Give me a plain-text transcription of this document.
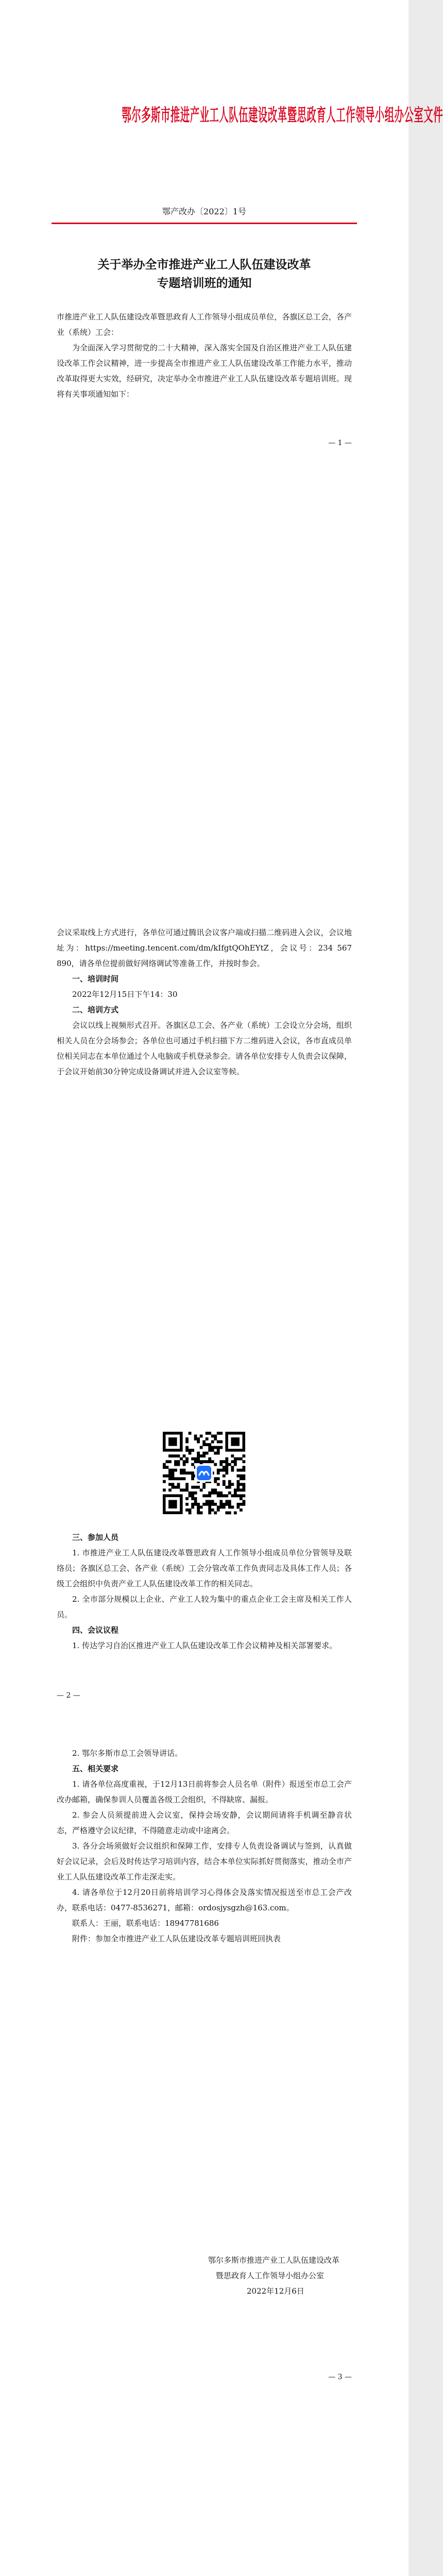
鄂尔多斯市推进产业工人队伍建设改革暨思政育人工作领导小组办公室文件
鄂产改办〔2022〕1号
关于举办全市推进产业工人队伍建设改革
专题培训班的通知

市推进产业工人队伍建设改革暨思政育人工作领导小组成员单位，各旗区总工会，各产业（系统）工会：

为全面深入学习贯彻党的二十大精神，深入落实全国及自治区推进产业工人队伍建设改革工作会议精神，进一步提高全市推进产业工人队伍建设改革工作能力水平，推动改革取得更大实效，经研究，决定举办全市推进产业工人队伍建设改革专题培训班。现将有关事项通知如下：

— 1 —

会议采取线上方式进行，各单位可通过腾讯会议客户端或扫描二维码进入会议，会议地址为：https://meeting.tencent.com/dm/kIfgtQOhEYtZ，会议号：234 567 890，请各单位提前做好网络调试等准备工作，并按时参会。

一、培训时间

2022年12月15日下午14：30

二、培训方式

会议以线上视频形式召开。各旗区总工会、各产业（系统）工会设立分会场，组织相关人员在分会场参会；各单位也可通过手机扫描下方二维码进入会议，各市直成员单位相关同志在本单位通过个人电脑或手机登录参会。请各单位安排专人负责会议保障，于会议开始前30分钟完成设备调试并进入会议室等候。

三、参加人员

1. 市推进产业工人队伍建设改革暨思政育人工作领导小组成员单位分管领导及联络员；各旗区总工会、各产业（系统）工会分管改革工作负责同志及具体工作人员；各级工会组织中负责产业工人队伍建设改革工作的相关同志。

2. 全市部分规模以上企业、产业工人较为集中的重点企业工会主席及相关工作人员。

四、会议议程

1. 传达学习自治区推进产业工人队伍建设改革工作会议精神及相关部署要求。

— 2 —

2. 鄂尔多斯市总工会领导讲话。

五、相关要求

1. 请各单位高度重视，于12月13日前将参会人员名单（附件）报送至市总工会产改办邮箱，确保参训人员覆盖各级工会组织，不得缺席、漏报。

2. 参会人员须提前进入会议室，保持会场安静，会议期间请将手机调至静音状态，严格遵守会议纪律，不得随意走动或中途离会。

3. 各分会场须做好会议组织和保障工作，安排专人负责设备调试与签到，认真做好会议记录，会后及时传达学习培训内容，结合本单位实际抓好贯彻落实，推动全市产业工人队伍建设改革工作走深走实。

4. 请各单位于12月20日前将培训学习心得体会及落实情况报送至市总工会产改办，联系电话：0477-8536271，邮箱：ordosjysgzh@163.com。

联系人：王丽，联系电话：18947781686

附件：参加全市推进产业工人队伍建设改革专题培训班回执表

鄂尔多斯市推进产业工人队伍建设改革
暨思政育人工作领导小组办公室
2022年12月6日
— 3 —
